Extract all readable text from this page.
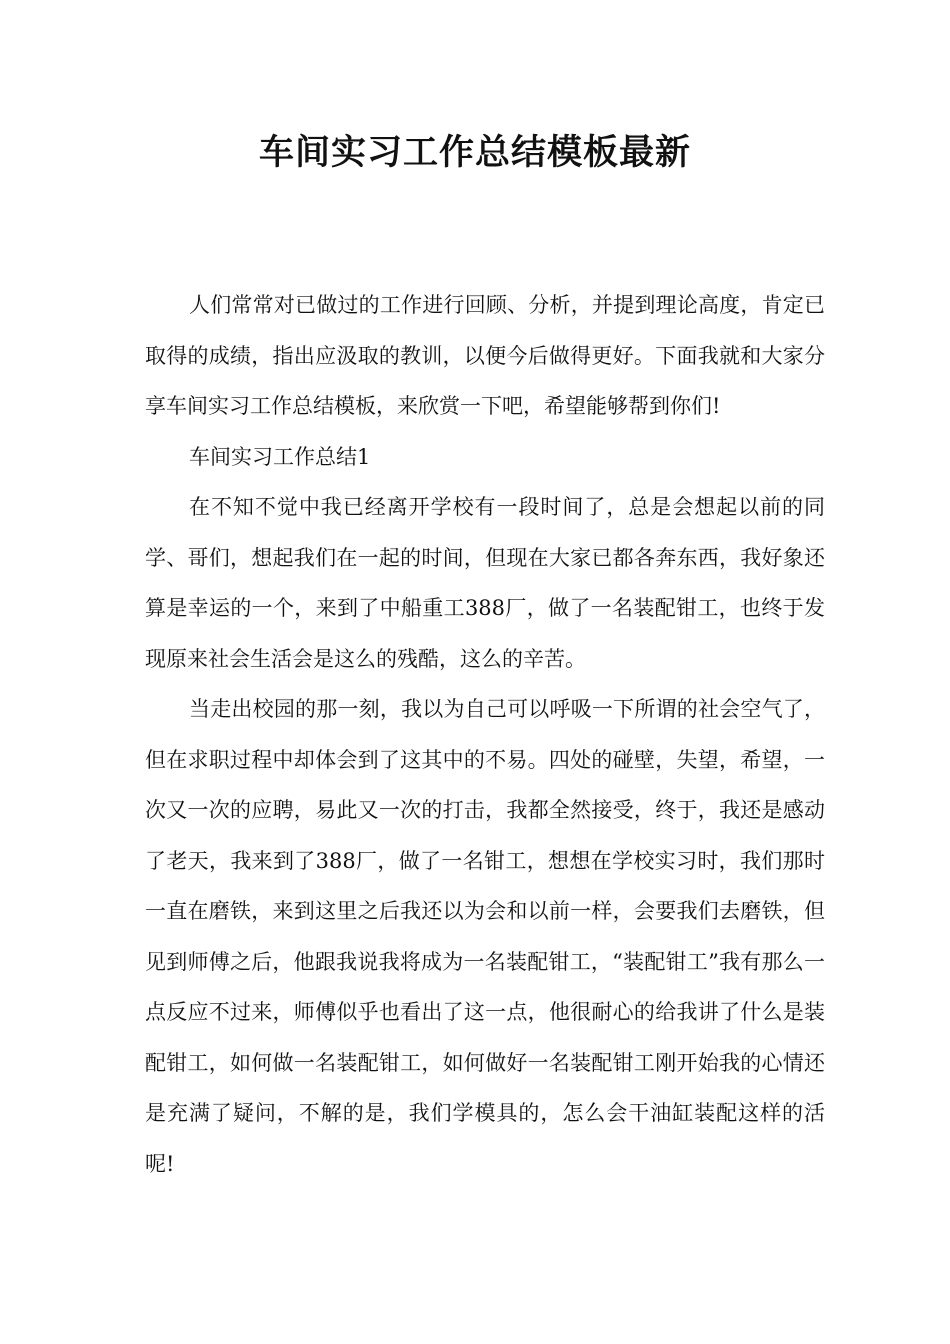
车间实习工作总结模板最新

人们常常对已做过的工作进行回顾、分析，并提到理论高度，肯定已取得的成绩，指出应汲取的教训，以便今后做得更好。下面我就和大家分享车间实习工作总结模板，来欣赏一下吧，希望能够帮到你们!

车间实习工作总结1

在不知不觉中我已经离开学校有一段时间了，总是会想起以前的同学、哥们，想起我们在一起的时间，但现在大家已都各奔东西，我好象还算是幸运的一个，来到了中船重工388厂，做了一名装配钳工，也终于发现原来社会生活会是这么的残酷，这么的辛苦。

当走出校园的那一刻，我以为自己可以呼吸一下所谓的社会空气了，但在求职过程中却体会到了这其中的不易。四处的碰壁，失望，希望，一次又一次的应聘，易此又一次的打击，我都全然接受，终于，我还是感动了老天，我来到了388厂，做了一名钳工，想想在学校实习时，我们那时一直在磨铁，来到这里之后我还以为会和以前一样，会要我们去磨铁，但见到师傅之后，他跟我说我将成为一名装配钳工，“装配钳工”我有那么一点反应不过来，师傅似乎也看出了这一点，他很耐心的给我讲了什么是装配钳工，如何做一名装配钳工，如何做好一名装配钳工刚开始我的心情还是充满了疑问，不解的是，我们学模具的，怎么会干油缸装配这样的活呢!
